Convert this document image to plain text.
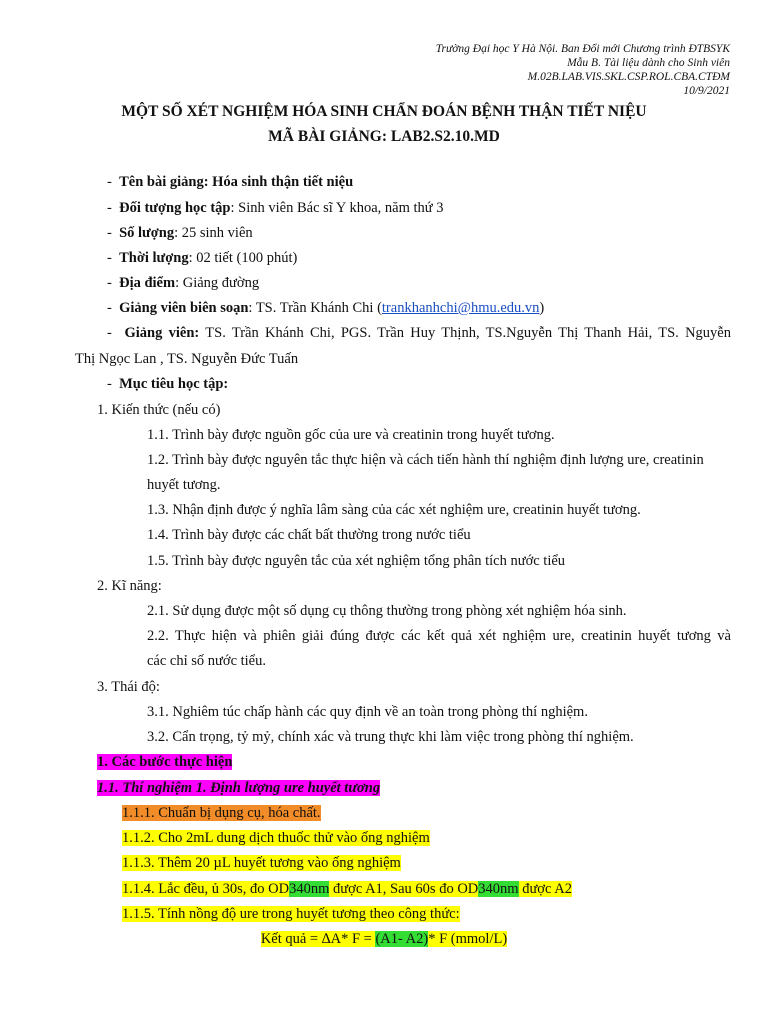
Trường Đại học Y Hà Nội. Ban Đổi mới Chương trình ĐTBSYK
Mẫu B. Tài liệu dành cho Sinh viên
M.02B.LAB.VIS.SKL.CSP.ROL.CBA.CTĐM
10/9/2021
MỘT SỐ XÉT NGHIỆM HÓA SINH CHẨN ĐOÁN BỆNH THẬN TIẾT NIỆU
MÃ BÀI GIẢNG: LAB2.S2.10.MD
- Tên bài giảng: Hóa sinh thận tiết niệu
- Đối tượng học tập: Sinh viên Bác sĩ Y khoa, năm thứ 3
- Số lượng: 25 sinh viên
- Thời lượng: 02 tiết (100 phút)
- Địa điểm: Giảng đường
- Giảng viên biên soạn: TS. Trần Khánh Chi (trankhanhchi@hmu.edu.vn)
- Giảng viên: TS. Trần Khánh Chi, PGS. Trần Huy Thịnh, TS.Nguyễn Thị Thanh Hải, TS. Nguyễn
Thị Ngọc Lan , TS. Nguyễn Đức Tuấn
- Mục tiêu học tập:
1. Kiến thức (nếu có)
1.1. Trình bày được nguồn gốc của ure và creatinin trong huyết tương.
1.2. Trình bày được nguyên tắc thực hiện và cách tiến hành thí nghiệm định lượng ure, creatinin
huyết tương.
1.3. Nhận định được ý nghĩa lâm sàng của các xét nghiệm ure, creatinin huyết tương.
1.4. Trình bày được các chất bất thường trong nước tiểu
1.5. Trình bày được nguyên tắc của xét nghiệm tổng phân tích nước tiểu
2. Kĩ năng:
2.1. Sử dụng được một số dụng cụ thông thường trong phòng xét nghiệm hóa sinh.
2.2. Thực hiện và phiên giải đúng được các kết quả xét nghiệm ure, creatinin huyết tương và
các chỉ số nước tiểu.
3. Thái độ:
3.1. Nghiêm túc chấp hành các quy định về an toàn trong phòng thí nghiệm.
3.2. Cẩn trọng, tỷ mỷ, chính xác và trung thực khi làm việc trong phòng thí nghiệm.
1. Các bước thực hiện
1.1. Thí nghiệm 1. Định lượng ure huyết tương
1.1.1. Chuẩn bị dụng cụ, hóa chất.
1.1.2. Cho 2mL dung dịch thuốc thử vào ống nghiệm
1.1.3. Thêm 20 µL huyết tương vào ống nghiệm
1.1.4. Lắc đều, ủ 30s, đo OD340nm được A1, Sau 60s đo OD340nm được A2
1.1.5. Tính nồng độ ure trong huyết tương theo công thức:
Kết quả = ∆A* F = (A1- A2)* F (mmol/L)
